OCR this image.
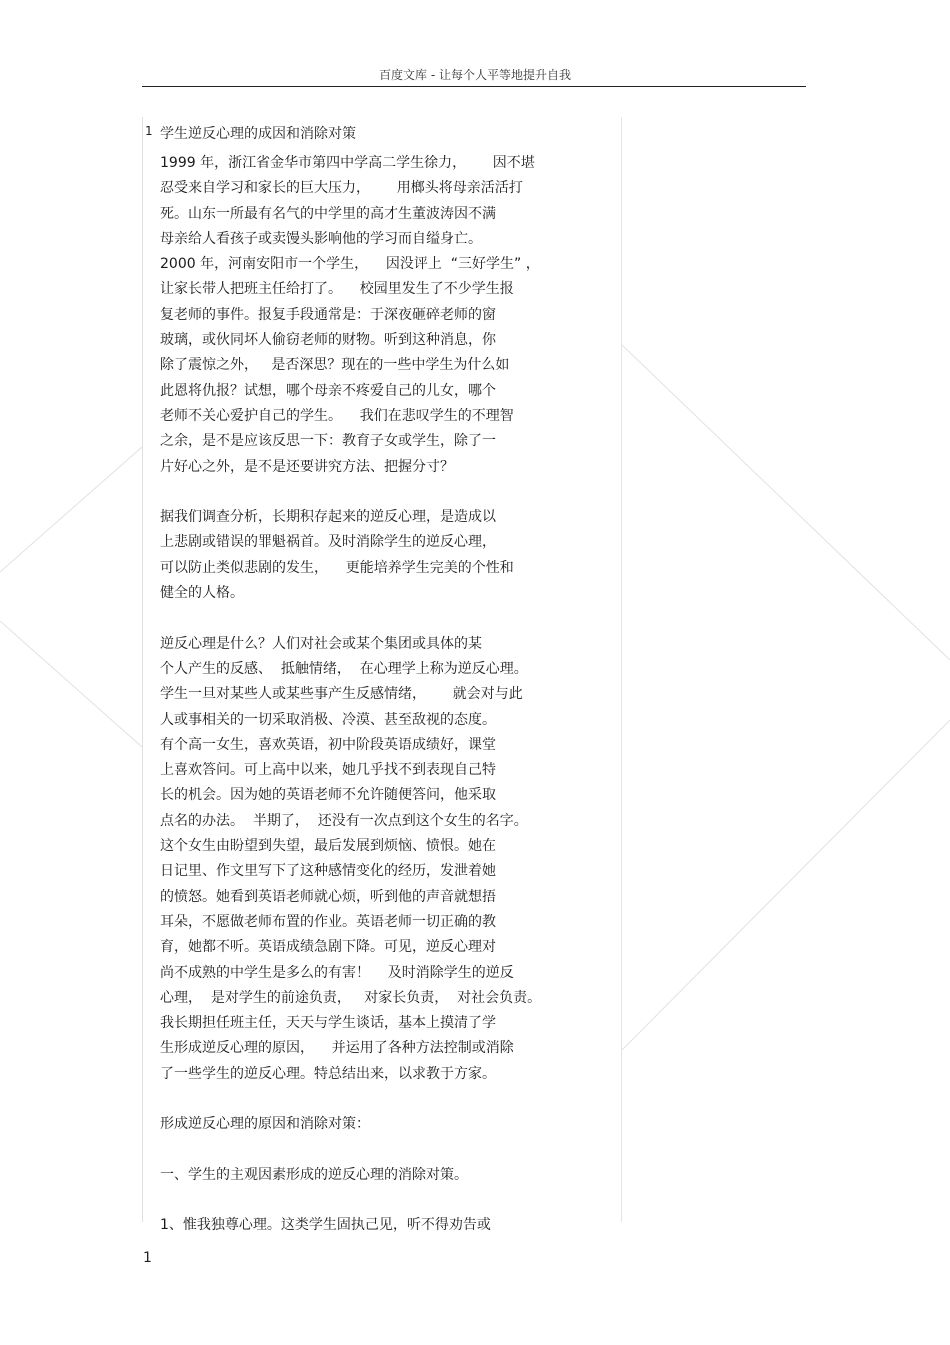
百度文库 - 让每个人平等地提升自我
1 学生逆反心理的成因和消除对策
1999 年，浙江省金华市第四中学高二学生徐力，      因不堪
忍受来自学习和家长的巨大压力，      用榔头将母亲活活打
死。山东一所最有名气的中学里的高才生董波涛因不满
母亲给人看孩子或卖馒头影响他的学习而自缢身亡。
2000 年，河南安阳市一个学生，    因没评上  “三好学生” ，
让家长带人把班主任给打了。    校园里发生了不少学生报
复老师的事件。报复手段通常是：于深夜砸碎老师的窗
玻璃，或伙同坏人偷窃老师的财物。听到这种消息，你
除了震惊之外，   是否深思？现在的一些中学生为什么如
此恩将仇报？试想，哪个母亲不疼爱自己的儿女，哪个
老师不关心爱护自己的学生。    我们在悲叹学生的不理智
之余，是不是应该反思一下：教育子女或学生，除了一
片好心之外，是不是还要讲究方法、把握分寸？
据我们调查分析，长期积存起来的逆反心理，是造成以
上悲剧或错误的罪魁祸首。及时消除学生的逆反心理，
可以防止类似悲剧的发生，    更能培养学生完美的个性和
健全的人格。
逆反心理是什么？人们对社会或某个集团或具体的某
个人产生的反感、  抵触情绪，  在心理学上称为逆反心理。
学生一旦对某些人或某些事产生反感情绪，      就会对与此
人或事相关的一切采取消极、冷漠、甚至敌视的态度。
有个高一女生，喜欢英语，初中阶段英语成绩好，课堂
上喜欢答问。可上高中以来，她几乎找不到表现自己特
长的机会。因为她的英语老师不允许随便答问，他采取
点名的办法。  半期了，  还没有一次点到这个女生的名字。
这个女生由盼望到失望，最后发展到烦恼、愤恨。她在
日记里、作文里写下了这种感情变化的经历，发泄着她
的愤怒。她看到英语老师就心烦，听到他的声音就想捂
耳朵，不愿做老师布置的作业。英语老师一切正确的教
育，她都不听。英语成绩急剧下降。可见，逆反心理对
尚不成熟的中学生是多么的有害！    及时消除学生的逆反
心理，  是对学生的前途负责，   对家长负责，  对社会负责。
我长期担任班主任，天天与学生谈话，基本上摸清了学
生形成逆反心理的原因，    并运用了各种方法控制或消除
了一些学生的逆反心理。特总结出来，以求教于方家。
形成逆反心理的原因和消除对策：
一、学生的主观因素形成的逆反心理的消除对策。
1、惟我独尊心理。这类学生固执己见，听不得劝告或
1
